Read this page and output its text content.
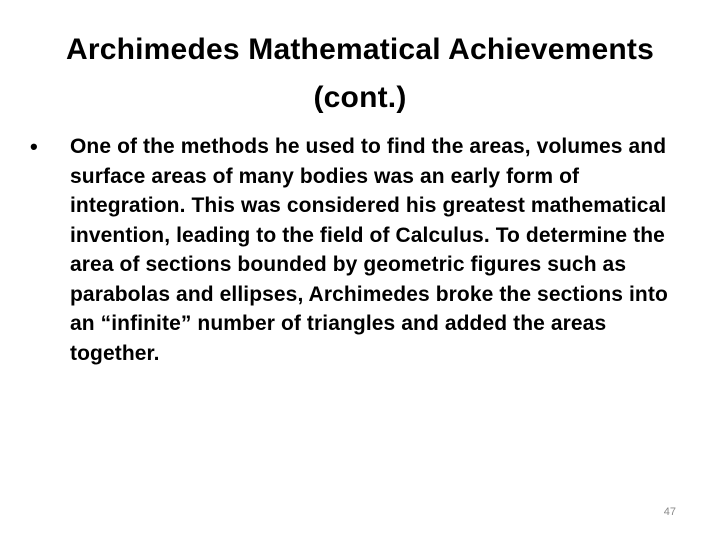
Archimedes Mathematical Achievements
(cont.)
• One of the methods he used to find the areas, volumes and surface areas of many bodies was an early form of integration. This was considered his greatest mathematical invention, leading to the field of Calculus. To determine the area of sections bounded by geometric figures such as parabolas and ellipses, Archimedes broke the sections into an “infinite” number of triangles and added the areas together.
47
